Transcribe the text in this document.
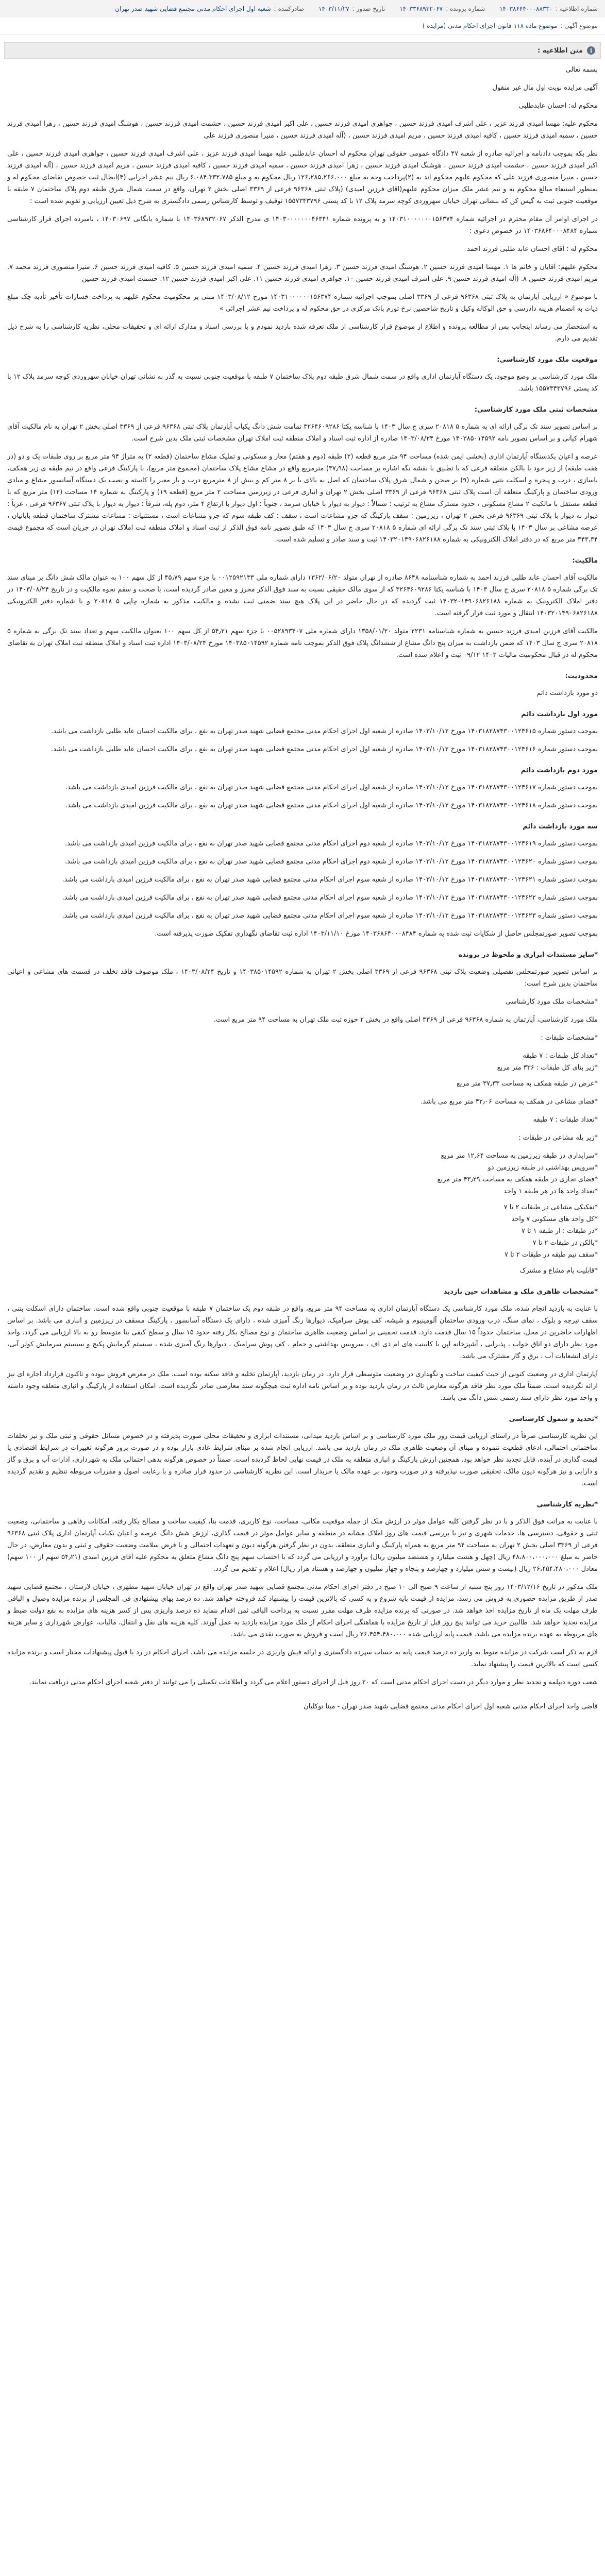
شماره اطلاعیه :
۱۴۰۳۸۶۶۴۰۰۰۸۸۳۳۰
شماره پرونده :
۱۴۰۳۳۶۸۹۳۲۰۶۷
تاریخ صدور :
۱۴۰۳/۱۱/۲۷
صادرکننده :
شعبه اول اجرای احکام مدنی مجتمع قضایی شهید صدر تهران
موضوع آگهی :
موضوع ماده ۱۱۸ قانون اجرای احکام مدنی (مزایده )
i
متن اطلاعیه :

بسمه تعالی

آگهی مزایده نوبت اول مال غیر منقول

محکوم له: احسان عابدطلبی

محکوم علیه: مهسا امیدی فرزند عزیز ، علی اشرف امیدی فرزند حسین ، جواهری امیدی فرزند حسین ، علی اکبر امیدی فرزند حسین ، حشمت امیدی فرزند حسین ، هوشنگ امیدی فرزند حسین ، زهرا امیدی فرزند حسین ، سمیه امیدی فرزند حسین ، کافیه امیدی فرزند حسین ، مریم امیدی فرزند حسین ، (آله امیدی فرزند حسین ، منیرا منصوری فرزند علی

نظر بکه بموجب دادنامه و اجرائیه صادره از شعبه ۴۷ دادگاه عمومی حقوقی تهران محکوم له احسان عابدطلبی علیه مهسا امیدی فرزند عزیز ، علی اشرف امیدی فرزند حسین ، جواهری امیدی فرزند حسین ، علی اکبر امیدی فرزند حسین ، حشمت امیدی فرزند حسین ، هوشنگ امیدی فرزند حسین ، زهرا امیدی فرزند حسین ، سمیه امیدی فرزند حسین ، کافیه امیدی فرزند حسین ، مریم امیدی فرزند حسین ، (آله امیدی فرزند حسین ، منیرا منصوری فرزند علی که محکوم علیهم محکوم اند به (۲)پرداخت وجه به مبلغ ۱۲۶،۲۸۵،۲۶۶،۰۰۰ ریال محکوم به و مبلغ ۶،۰۸۴،۳۳۲،۷۸۵ ریال نیم عشر اجرایی (۴)ابطال ثبت خصوص تقاضای محکوم له و بمنظور استیفاء مبالغ محکوم به و نیم عشر ملک میزان محکوم علیهم(اقای فرزین امیدی) (پلاک ثبتی ۹۶۳۶۸ فرعی از ۳۳۶۹ اصلی بخش ۲ تهران، واقع در سمت شمال شرق طبقه دوم پلاک ساختمان ۷ طبقه با موقعیت جنوبی ثبت به گیس کن که بنشانی تهران خیابان سهروردی کوچه سرمد پلاک ۱۲ با کد پستی ۱۵۵۷۳۴۳۷۹۶ توقیف و توسط کارشناس رسمی دادگستری به شرح ذیل تعیین ارزیابی و تقویم شده است :

در اجرای اوامر آن مقام محترم در اجرائیه شماره ۱۴۰۳۱۰۰۰۰۰۰۰۱۵۶۳۷۴ و به پرونده شماره ۱۴۰۳۰۰۰۰۰۰۰۴۶۳۴۱ ی مدرج الذکر ۱۴۰۳۶۸۹۳۲۰۶۷ با شماره بایگانی ۱۴۰۳۰۶۹۷ ، نامبرده اجرای قرار کارشناسی شماره ۱۴۰۳۶۸۶۴۰۰۰۸۴۸۴ در خصوص دعوی :

محکوم له : آقای احسان عابد طلبی فرزند احمد

محکوم علیهم: آقایان و خانم ها ۱. مهسا امیدی فرزند حسین ۲. هوشنگ امیدی فرزند حسین ۳. زهرا امیدی فرزند حسین ۴. سمیه امیدی فرزند حسین ۵. کافیه امیدی فرزند حسین ۶. منیرا منصوری فرزند محمد ۷. مریم امیدی فرزند حسین ۸. (آله امیدی فرزند حسین ۹. علی اشرف امیدی فرزند حسین ۱۰. جواهری امیدی فرزند حسین ۱۱. علی اکبر امیدی فرزند حسین ۱۲. حشمت امیدی فرزند حسین

با موضوع « ارزیابی آپارتمان به پلاک ثبتی ۹۶۳۶۸ فرعی از ۳۳۶۹ اصلی بموجب اجرائیه شماره ۱۴۰۳۱۰۰۰۰۰۰۱۵۶۳۷۴ مورخ ۱۴۰۳/۰۸/۱۲ مبنی بر محکومیت محکوم علیهم به پرداخت خسارات تأخیر تأدیه چک مبلغ دیات به انضمام هزینه دادرسی و حق الوکاله وکیل و تاریخ شاخصین نرخ تورم بانک مرکزی در حق محکوم له و پرداخت نیم عشر اجرائی »

به استحضار می رساند اینجانب پس از مطالعه پرونده و اطلاع از موضوع قرار کارشناسی از ملک تعرفه شده بازدید نمودم و با بررسی اسناد و مدارک ارائه ای و تحقیقات محلی، نظریه کارشناسی را به شرح ذیل تقدیم می دارم.

موقعیت ملک مورد کارشناسی:

ملک مورد کارشناسی بر وضع موجود، یک دستگاه آپارتمان اداری واقع در سمت شمال شرق طبقه دوم پلاک ساختمان ۷ طبقه با موقعیت جنوبی نسبت به گذر به نشانی تهران خیابان سهروردی کوچه سرمد پلاک ۱۲ با کد پستی ۱۵۵۷۳۴۳۷۹۶ باشد.

مشخصات ثبتی ملک مورد کارشناسی:

بر اساس تصویر سند تک برگی ارائه ای به شماره ۵ ۲۰۸۱۸ سری ج سال ۱۴۰۳ با شناسه یکتا ۳۲۶۴۶۰۹۲۸۶ تمامت شش دانگ یکباب آپارتمان پلاک ثبتی ۹۶۳۶۸ فرعی از ۳۳۶۹ اصلی بخش ۲ تهران به نام مالکیت آقای شهرام کیانی و بر اساس تصویر نامه ۱۴۰۳۸۵۰۱۴۵۹۲ مورخ ۱۴۰۳/۰۸/۲۴ صادره از اداره ثبت اسناد و املاک منطقه ثبت املاک تهران مشخصات ثبتی ملک بدین شرح است.

عرصه و اعیان یکدستگاه آپارتمان اداری (بخشی ایمن شده) مساحت ۹۴ متر مربع قطعه (۲) طبقه (دوم و هفتم) معار و مسکونی و تملیک مشاع ساختمان (قطعه ۲) به متراژ ۹۴ متر مربع بر روی طبقات یک و دو (در هفت طبقه) از زیر خود با بالکن متعلقه فرعی که با تطبیق با نقشه نگه اشاره بر مساحت (۳۷٫۹۸) مترمربع واقع در مشاع مشاع پلاک ساختمان (مجموع متر مربع)، با پارکینگ فرعی واقع در نیم طبقه ی زیر همکف، باسازی ، درب و پنجره و اسکلت بتنی شماره (۹) بر صحن و شمال شرق پلاک ساختمان که اصل به بالای با بر ۸ متر کم و بیش از ۸ مترمربع درب و بار معبر را کاسته و نصب یک دستگاه آسانسور مشاع و مبادی ورودی ساختمان و پارکینگ متعلقه آن است پلاک ثبتی ۹۶۳۶۸ فرعی از ۳۳۶۹ اصلی بخش ۲ تهران و انباری فرعی در زیرزمین مساحت ۲ متر مربع (قطعه ۱۹) و پارکینگ به شماره ۱۴ مساحت (۱۲) متر مربع که با قطعه مستقل با مالکیت ۲ مشاع مسکونی ، حدود مشترک مشاع به ترتیب : شمالاً : دیوار به دیوار با خیابان سرمد ، جنوباً : اول دیوار با ارتفاع ۴ متر، دوم پله، شرقاً : دیوار به دیوار با پلاک ثبتی ۹۶۳۶۷ فرعی ، غرباً : دیوار به دیوار با پلاک ثبتی ۹۶۳۶۹ فرعی بخش ۲ تهران ، زیرزمین : سقف پارکینگ که جزو مشاعات است ، سقف : کف طبقه سوم که جزو مشاعات است ، مستثنیات : مشاعات مشترک ساختمان قطعه بابانیان ، عرصه مشاعی بر سال ۱۴۰۳ با پلاک ثبتی سند تک برگی ارائه ای شماره ۵ ۲۰۸۱۸ سری ج سال ۱۴۰۳ که طبق تصویر نامه فوق الذکر از ثبت اسناد و املاک منطقه ثبت املاک تهران در جریان است که مجموع قیمت ۳۴۳،۳۴ متر مربع که در دفتر املاک الکترونیکی به شماره ۱۴۰۳۲۰۱۴۹۰۶۸۲۶۱۸۸ ثبت و سند صادر و تسلیم شده است.

مالکیت:

مالکیت آقای احسان عابد طلبی فرزند احمد به شماره شناسنامه ۸۶۴۸ صادره از تهران متولد ۱۳۶۲/۰۶/۲۰ دارای شماره ملی ۰۰۱۲۵۹۲۱۳۳ با جزء سهم ۴۵٫۷۹ از کل سهم ۱۰۰ به عنوان مالک شش دانگ بر مبنای سند تک برگی شماره ۵ ۲۰۸۱۸ سری ج سال ۱۴۰۳ با شناسه یکتا ۳۲۶۴۶۰۹۲۸۶ که از سوی مالک حقیقی نسبت به سند فوق الذکر محرز و معین صادر گردیده است، با صحت و سقم نحوه مالکیت و در تاریخ ۱۴۰۳/۰۸/۲۴ در دفتر املاک الکترونیک به شماره ۱۴۰۳۲۰۱۴۹۰۶۸۲۶۱۸۸ ثبت گردیده که در حال حاضر در این پلاک هیچ سند ضمنی ثبت نشده و مالکیت مذکور به شماره چاپی ۵ ۲۰۸۱۸ و با شماره دفتر الکترونیکی ۱۴۰۳۲۰۱۴۹۰۶۸۲۶۱۸۸ انتقال و مورد ثبت قرار گرفته است.

مالکیت آقای فرزین امیدی فرزند حسین به شماره شناسنامه ۲۲۳۱ متولد ۱۳۵۸/۰۱/۲۰ دارای شماره ملی ۰۰۵۲۸۹۳۴۰۷ با جزء سهم ۵۴٫۲۱ از کل سهم ۱۰۰ بعنوان مالکیت سهم و تعداد سند تک برگی به شماره ۵ ۲۰۸۱۸ سری ج سال ۱۴۰۳ که ضمن بازداشت به میزان پنج دانگ مشاع از ششدانگ پلاک فوق الذکر بموجب نامه شماره ۱۴۰۳۸۵۰۱۴۵۹۲ مورخ ۱۴۰۳/۰۸/۲۴ اداره ثبت اسناد و املاک منطقه ثبت املاک تهران به تقاضای محکوم له در قبال محکومیت مالیات ۱۴۰۳ ۰۹/۱۲ ثبت و اعلام شده است.

محدودیت:

دو مورد بازداشت دائم

مورد اول بازداشت دائم

بموجب دستور شماره ۱۴۰۳۱۸۲۸۷۴۳۰۰۱۲۴۶۱۵ مورخ ۱۴۰۳/۱۰/۱۲ صادره از شعبه اول اجرای احکام مدنی مجتمع قضایی شهید صدر تهران به نفع ، برای مالکیت احسان عابد طلبی بازداشت می باشد.

بموجب دستور شماره ۱۴۰۳۱۸۲۸۷۴۳۰۰۱۲۴۶۱۶ مورخ ۱۴۰۳/۱۰/۱۲ صادره از شعبه اول اجرای احکام مدنی مجتمع قضایی شهید صدر تهران به نفع ، برای مالکیت احسان عابد طلبی بازداشت می باشد.

مورد دوم بازداشت دائم

بموجب دستور شماره ۱۴۰۳۱۸۲۸۷۴۳۰۰۱۲۴۶۱۷ مورخ ۱۴۰۳/۱۰/۱۲ صادره از شعبه اول اجرای احکام مدنی مجتمع قضایی شهید صدر تهران به نفع ، برای مالکیت فرزین امیدی بازداشت می باشد.

بموجب دستور شماره ۱۴۰۳۱۸۲۸۷۴۳۰۰۱۲۴۶۱۸ مورخ ۱۴۰۳/۱۰/۱۲ صادره از شعبه اول اجرای احکام مدنی مجتمع قضایی شهید صدر تهران به نفع ، برای مالکیت فرزین امیدی بازداشت می باشد.

سه مورد بازداشت دائم

بموجب دستور شماره ۱۴۰۳۱۸۲۸۷۴۳۰۰۱۲۴۶۱۹ مورخ ۱۴۰۳/۱۰/۱۲ صادره از شعبه دوم اجرای احکام مدنی مجتمع قضایی شهید صدر تهران به نفع ، برای مالکیت فرزین امیدی بازداشت می باشد.

بموجب دستور شماره ۱۴۰۳۱۸۲۸۷۴۳۰۰۱۲۴۶۲۰ مورخ ۱۴۰۳/۱۰/۱۲ صادره از شعبه دوم اجرای احکام مدنی مجتمع قضایی شهید صدر تهران به نفع ، برای مالکیت فرزین امیدی بازداشت می باشد.

بموجب دستور شماره ۱۴۰۳۱۸۲۸۷۴۳۰۰۱۲۴۶۲۱ مورخ ۱۴۰۳/۱۰/۱۲ صادره از شعبه سوم اجرای احکام مدنی مجتمع قضایی شهید صدر تهران به نفع ، برای مالکیت فرزین امیدی بازداشت می باشد.

بموجب دستور شماره ۱۴۰۳۱۸۲۸۷۴۳۰۰۱۲۴۶۲۲ مورخ ۱۴۰۳/۱۰/۱۲ صادره از شعبه سوم اجرای احکام مدنی مجتمع قضایی شهید صدر تهران به نفع ، برای مالکیت فرزین امیدی بازداشت می باشد.

بموجب دستور شماره ۱۴۰۳۱۸۲۸۷۴۳۰۰۱۲۴۶۲۳ مورخ ۱۴۰۳/۱۰/۱۲ صادره از شعبه سوم اجرای احکام مدنی مجتمع قضایی شهید صدر تهران به نفع ، برای مالکیت فرزین امیدی بازداشت می باشد.

بموجب تصویر صورتمجلس حاصل از شکایات ثبت شده به شماره ۱۴۰۳۶۸۶۴۰۰۰۸۴۸۴ مورخ ۱۴۰۳/۱۱/۱۰ اداره ثبت تقاضای نگهداری تفکیک صورت پذیرفته است.

*سایر مستندات ابرازی و ملحوظ در پرونده

بر اساس تصویر صورتمجلس تفصیلی وضعیت پلاک ثبتی ۹۶۳۶۸ فرعی از ۳۳۶۹ اصلی بخش ۲ تهران به شماره ۱۴۰۳۸۵۰۱۴۵۹۲ و تاریخ ۱۴۰۳/۰۸/۲۴ ، ملک موصوف فاقد تخلف در قسمت های مشاعی و اعیانی ساختمان بدین شرح است:

*مشخصات ملک مورد کارشناسی

ملک مورد کارشناسی، آپارتمان به شماره ۹۶۳۶۸ فرعی از ۳۳۶۹ اصلی واقع در بخش ۲ حوزه ثبت ملک تهران به مساحت ۹۴ متر مربع است.

*مشخصات طبقات :

*تعداد کل طبقات : ۷ طبقه
*زیر بنای کل طبقات : ۳۳۶ متر مربع

*عرض در طبقه همکف به مساحت ۳۷٫۳۳ متر مربع

*فضای مشاعی در همکف به مساحت ۴۲٫۰۶ متر مربع می باشد.

*تعداد طبقات : ۷ طبقه

*زیر پله مشاعی در طبقات :

*سرایداری در طبقه زیرزمین به مساحت ۱۲٫۶۴ متر مربع
*سرویس بهداشتی در طبقه زیرزمین دو
*فضای تجاری در طبقه همکف به مساحت ۴۳٫۲۹ متر مربع
*تعداد واحد ها در هر طبقه ۱ واحد
*تفکیکی مشاعی در طبقات ۲ تا ۷
*کل واحد های مسکونی ۷ واحد
*در طبقات : از طبقه ۱ تا ۷
*بالکن در طبقات ۲ تا ۷
*سقف نیم طبقه در طبقات ۲ تا ۷

*قابلیت بام مشاع و مشترک

*مشخصات ظاهری ملک و مشاهدات حین بازدید

با عنایت به بازدید انجام شده، ملک مورد کارشناسی یک دستگاه آپارتمان اداری به مساحت ۹۴ متر مربع، واقع در طبقه دوم یک ساختمان ۷ طبقه با موقعیت جنوبی واقع شده است. ساختمان دارای اسکلت بتنی ، سقف تیرچه و بلوک ، نمای سنگ، درب ورودی ساختمان آلومینیوم و شیشه، کف پوش سرامیک، دیوارها رنگ آمیزی شده ، دارای یک دستگاه آسانسور ، پارکینگ مسقف در زیرزمین و انباری می باشد. بر اساس اظهارات حاضرین در محل، ساختمان حدوداً ۱۵ سال قدمت دارد. قدمت تخمینی بر اساس وضعیت ظاهری ساختمان و نوع مصالح بکار رفته حدود ۱۵ سال و سطح کیفی بنا متوسط رو به بالا ارزیابی می گردد. واحد مورد نظر دارای دو اتاق خواب ، پذیرایی ، آشپزخانه اپن با کابینت های ام دی اف ، سرویس بهداشتی و حمام ، کف پوش سرامیک ، دیوارها رنگ آمیزی شده ، سیستم گرمایش پکیج و سیستم سرمایش کولر آبی، دارای انشعابات آب ، برق و گاز مشترک می باشد.

آپارتمان اداری در وضعیت کنونی از حیث کیفیت ساخت و نگهداری در وضعیت متوسطی قرار دارد. در زمان بازدید، آپارتمان تخلیه و فاقد سکنه بوده است. ملک در معرض فروش نبوده و تاکنون قرارداد اجاره ای نیز ارائه نگردیده است. ضمناً ملک مورد نظر فاقد هرگونه معارض ثالث در زمان بازدید بوده و بر اساس نامه اداره ثبت هیچگونه سند معارضی صادر نگردیده است. امکان استفاده از پارکینگ و انباری متعلقه وجود داشته و واحد مورد نظر دارای سند رسمی شش دانگ می باشد.

*تحدید و شمول کارشناسی

این نظریه کارشناسی صرفاً در راستای ارزیابی قیمت روز ملک مورد کارشناسی و بر اساس بازدید میدانی، مستندات ابرازی و تحقیقات محلی صورت پذیرفته و در خصوص مسائل حقوقی و ثبتی ملک و نیز تخلفات ساختمانی احتمالی، ادعای قطعیت ننموده و مبنای آن وضعیت ظاهری ملک در زمان بازدید می باشد. ارزیابی انجام شده بر مبنای شرایط عادی بازار بوده و در صورت بروز هرگونه تغییرات در شرایط اقتصادی یا قیمت گذاری در آینده، قابل تجدید نظر خواهد بود. همچنین ارزش پارکینگ و انباری متعلقه به ملک در قیمت نهایی لحاظ گردیده است. ضمناً در خصوص هرگونه بدهی احتمالی ملک به شهرداری، ادارات آب و برق و گاز و دارایی و نیز هرگونه دیون مالک، تحقیقی صورت نپذیرفته و در صورت وجود، بر عهده مالک یا خریدار است. این نظریه کارشناسی در حدود قرار صادره و با رعایت اصول و مقررات مربوطه تنظیم و تقدیم گردیده است.

*نظریه کارشناسی

با عنایت به مراتب فوق الذکر و با در نظر گرفتن کلیه عوامل موثر در ارزش ملک از جمله موقعیت مکانی، مساحت، نوع کاربری، قدمت بنا، کیفیت ساخت و مصالح بکار رفته، امکانات رفاهی و ساختمانی، وضعیت ثبتی و حقوقی، دسترسی ها، خدمات شهری و نیز با بررسی قیمت های روز املاک مشابه در منطقه و سایر عوامل موثر در قیمت گذاری، ارزش شش دانگ عرصه و اعیان یکباب آپارتمان اداری پلاک ثبتی ۹۶۳۶۸ فرعی از ۳۳۶۹ اصلی بخش ۲ تهران به مساحت ۹۴ متر مربع به همراه پارکینگ و انباری متعلقه، بدون در نظر گرفتن هرگونه دیون و تعهدات احتمالی و با فرض سلامت وضعیت حقوقی و ثبتی و بدون معارض، در حال حاضر به مبلغ ۴۸،۸۰۰،۰۰۰،۰۰۰ ریال (چهل و هشت میلیارد و هشتصد میلیون ریال) برآورد و ارزیابی می گردد که با احتساب سهم پنج دانگ مشاع متعلق به محکوم علیه آقای فرزین امیدی (۵۴٫۲۱ سهم از ۱۰۰ سهم) معادل ۲۶،۴۵۴،۴۸۰،۰۰۰ ریال (بیست و شش میلیارد و چهارصد و پنجاه و چهار میلیون و چهارصد و هشتاد هزار ریال) اعلام و تقدیم می گردد.

ملک مذکور در تاریخ ۱۴۰۳/۱۲/۱۶ روز پنج شنبه از ساعت ۹ صبح الی ۱۰ صبح در دفتر اجرای احکام مدنی مجتمع قضایی شهید صدر تهران واقع در تهران خیابان شهید مطهری ، خیابان لارستان ، مجتمع قضایی شهید صدر از طریق مزایده حضوری به فروش می رسد، مزایده از قیمت پایه شروع و به کسی که بالاترین قیمت را پیشنهاد کند فروخته خواهد شد. ده درصد بهای پیشنهادی فی المجلس از برنده مزایده وصول و الباقی ظرف مهلت یک ماه از تاریخ مزایده اخذ خواهد شد. در صورتی که برنده مزایده ظرف مهلت مقرر نسبت به پرداخت الباقی ثمن اقدام ننماید ده درصد واریزی پس از کسر هزینه های مزایده به نفع دولت ضبط و مزایده تجدید خواهد شد. طالبین خرید می توانند پنج روز قبل از تاریخ مزایده با هماهنگی اجرای احکام از ملک مورد مزایده بازدید به عمل آورند. کلیه هزینه های نقل و انتقال، مالیات، عوارض شهرداری و سایر هزینه های مربوطه به عهده برنده مزایده می باشد. قیمت پایه ارزیابی شده ۲۶،۴۵۴،۴۸۰،۰۰۰ ریال است و فروش به صورت نقدی می باشد.

لازم به ذکر است شرکت در مزایده منوط به واریز ده درصد قیمت پایه به حساب سپرده دادگستری و ارائه فیش واریزی در جلسه مزایده می باشد. اجرای احکام در رد یا قبول پیشنهادات مختار است و برنده مزایده کسی است که بالاترین قیمت را پیشنهاد نماید.

شعب دوره دیپلمه و تجدید نظر و موارد دیگر در دست اجرای احکام مدنی است که ۲۰ روز قبل از اجرای دستور اعلام می گردد و اطلاعات تکمیلی را می توانند از دفتر شعبه اجرای احکام مدنی دریافت نمایند.

قاضی واحد اجرای احکام مدنی شعبه اول اجرای احکام مدنی مجتمع قضایی شهید صدر تهران - مینا توکلیان
